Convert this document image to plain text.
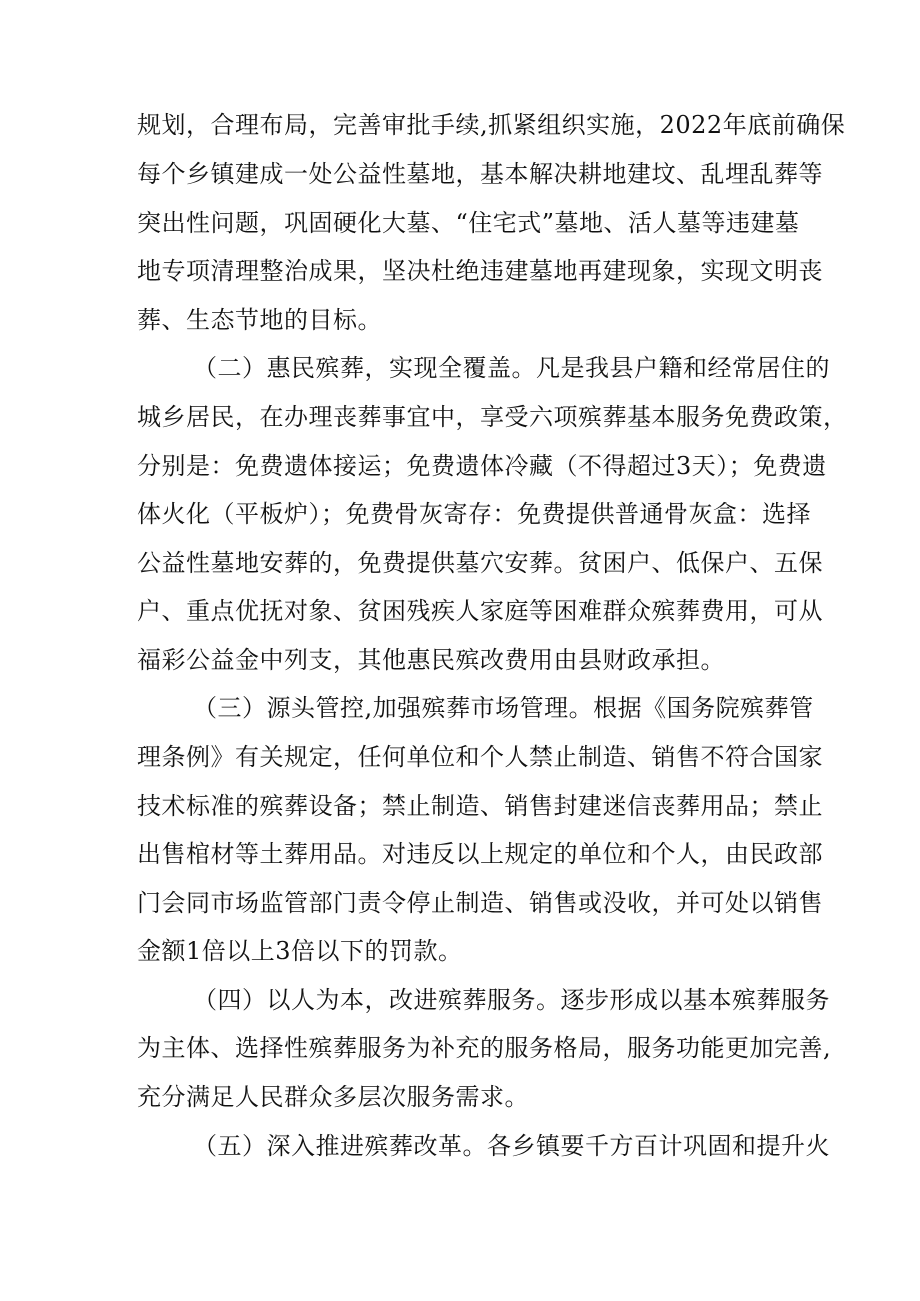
规划，合理布局，完善审批手续,抓紧组织实施，2022年底前确保
每个乡镇建成一处公益性墓地，基本解决耕地建坟、乱埋乱葬等
突出性问题，巩固硬化大墓、“住宅式”墓地、活人墓等违建墓
地专项清理整治成果，坚决杜绝违建墓地再建现象，实现文明丧
葬、生态节地的目标。
（二）惠民殡葬，实现全覆盖。凡是我县户籍和经常居住的
城乡居民，在办理丧葬事宜中，享受六项殡葬基本服务免费政策，
分别是：免费遗体接运；免费遗体冷藏（不得超过3天）；免费遗
体火化（平板炉）；免费骨灰寄存：免费提供普通骨灰盒：选择
公益性墓地安葬的，免费提供墓穴安葬。贫困户、低保户、五保
户、重点优抚对象、贫困残疾人家庭等困难群众殡葬费用，可从
福彩公益金中列支，其他惠民殡改费用由县财政承担。
（三）源头管控,加强殡葬市场管理。根据《国务院殡葬管
理条例》有关规定，任何单位和个人禁止制造、销售不符合国家
技术标准的殡葬设备；禁止制造、销售封建迷信丧葬用品；禁止
出售棺材等土葬用品。对违反以上规定的单位和个人，由民政部
门会同市场监管部门责令停止制造、销售或没收，并可处以销售
金额1倍以上3倍以下的罚款。
（四）以人为本，改进殡葬服务。逐步形成以基本殡葬服务
为主体、选择性殡葬服务为补充的服务格局，服务功能更加完善,
充分满足人民群众多层次服务需求。
（五）深入推进殡葬改革。各乡镇要千方百计巩固和提升火
